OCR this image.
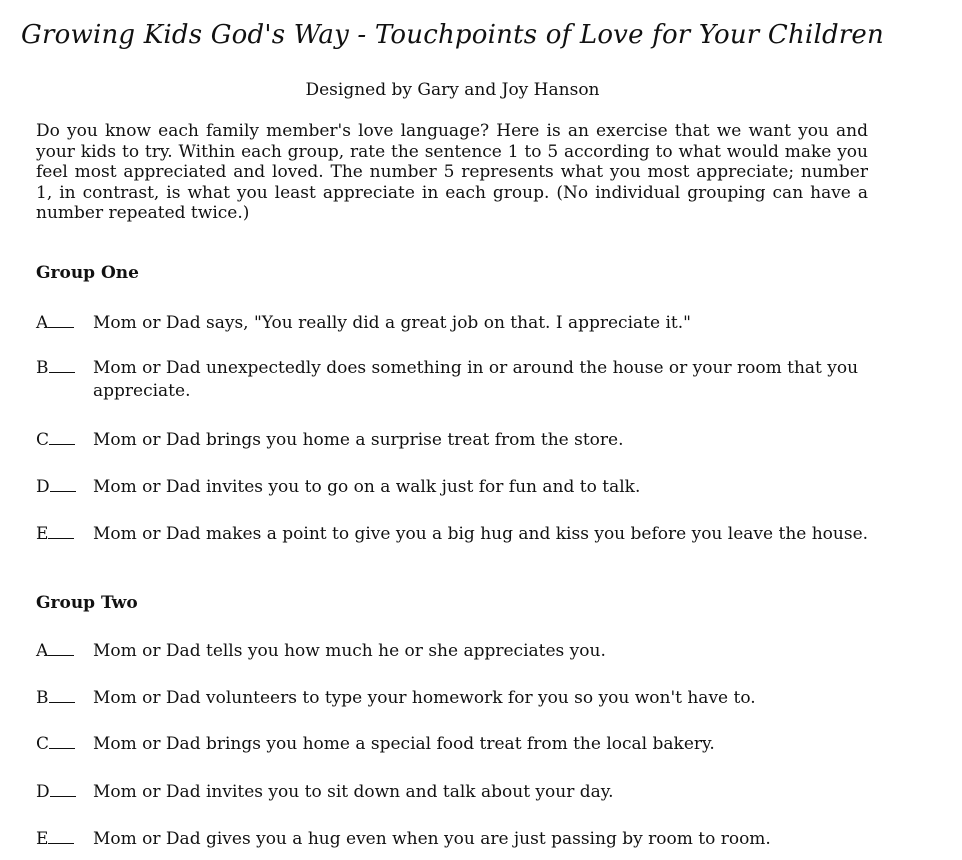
Growing Kids God's Way - Touchpoints of Love for Your Children

Designed by Gary and Joy Hanson

Do you know each family member's love language? Here is an exercise that we want you and your kids to try. Within each group, rate the sentence 1 to 5 according to what would make you feel most appreciated and loved. The number 5 represents what you most appreciate; number 1, in contrast, is what you least appreciate in each group. (No individual grouping can have a number repeated twice.)

Group One
A	Mom or Dad says, "You really did a great job on that. I appreciate it."
B	Mom or Dad unexpectedly does something in or around the house or your room that you appreciate.
C	Mom or Dad brings you home a surprise treat from the store.
D	Mom or Dad invites you to go on a walk just for fun and to talk.
E	Mom or Dad makes a point to give you a big hug and kiss you before you leave the house.
Group Two
A	Mom or Dad tells you how much he or she appreciates you.
B	Mom or Dad volunteers to type your homework for you so you won't have to.
C	Mom or Dad brings you home a special food treat from the local bakery.
D	Mom or Dad invites you to sit down and talk about your day.
E	Mom or Dad gives you a hug even when you are just passing by room to room.
